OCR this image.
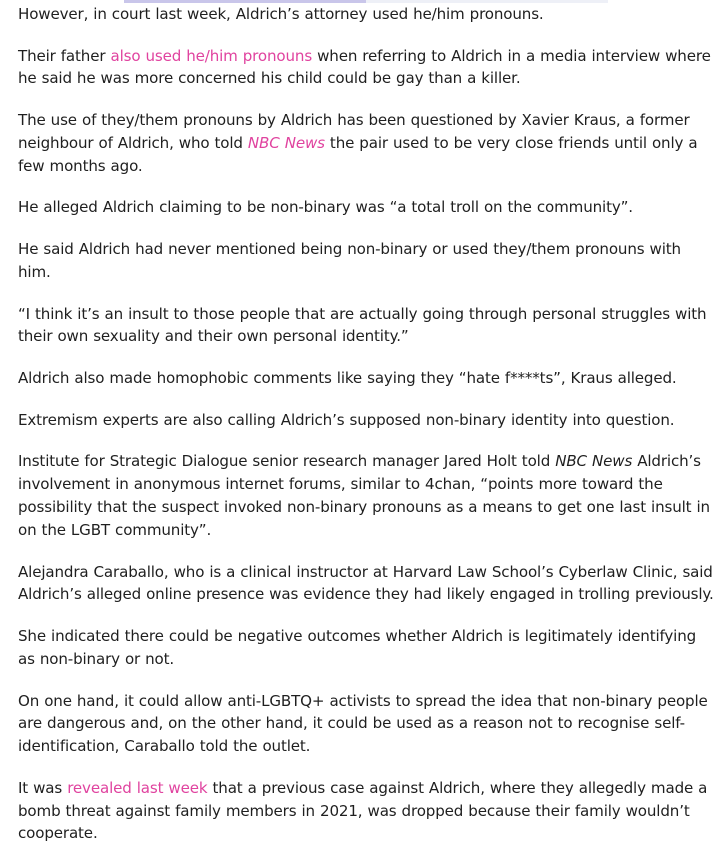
However, in court last week, Aldrich’s attorney used he/him pronouns.

Their father also used he/him pronouns when referring to Aldrich in a media interview where he said he was more concerned his child could be gay than a killer.

The use of they/them pronouns by Aldrich has been questioned by Xavier Kraus, a former neighbour of Aldrich, who told NBC News the pair used to be very close friends until only a few months ago.

He alleged Aldrich claiming to be non-binary was “a total troll on the community”.

He said Aldrich had never mentioned being non-binary or used they/them pronouns with him.

“I think it’s an insult to those people that are actually going through personal struggles with their own sexuality and their own personal identity.”

Aldrich also made homophobic comments like saying they “hate f****ts”, Kraus alleged.

Extremism experts are also calling Aldrich’s supposed non-binary identity into question.

Institute for Strategic Dialogue senior research manager Jared Holt told NBC News Aldrich’s involvement in anonymous internet forums, similar to 4chan, “points more toward the possibility that the suspect invoked non-binary pronouns as a means to get one last insult in on the LGBT community”.

Alejandra Caraballo, who is a clinical instructor at Harvard Law School’s Cyberlaw Clinic, said Aldrich’s alleged online presence was evidence they had likely engaged in trolling previously.

She indicated there could be negative outcomes whether Aldrich is legitimately identifying as non-binary or not.

On one hand, it could allow anti-LGBTQ+ activists to spread the idea that non-binary people are dangerous and, on the other hand, it could be used as a reason not to recognise self-identification, Caraballo told the outlet.

It was revealed last week that a previous case against Aldrich, where they allegedly made a bomb threat against family members in 2021, was dropped because their family wouldn’t cooperate.
